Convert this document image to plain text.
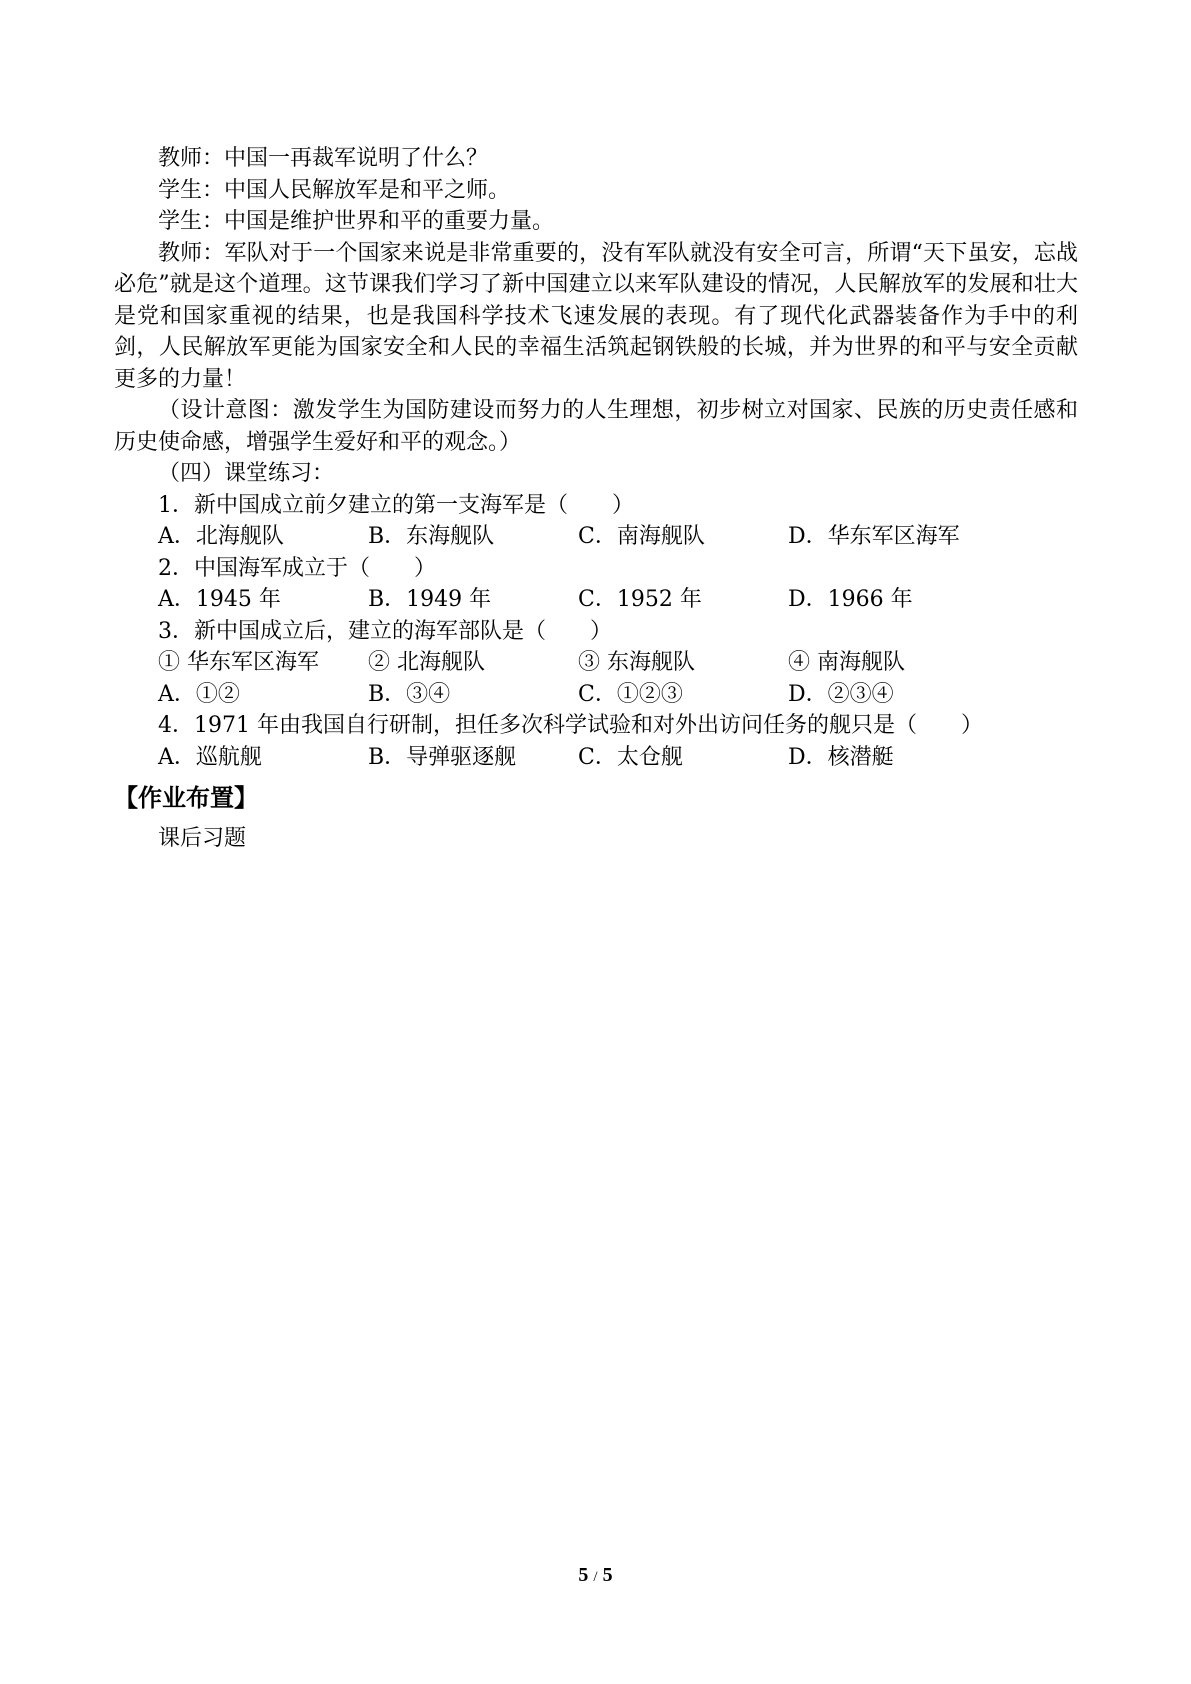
教师：中国一再裁军说明了什么？

学生：中国人民解放军是和平之师。

学生：中国是维护世界和平的重要力量。

教师：军队对于一个国家来说是非常重要的，没有军队就没有安全可言，所谓“天下虽安，忘战必危”就是这个道理。这节课我们学习了新中国建立以来军队建设的情况，人民解放军的发展和壮大是党和国家重视的结果，也是我国科学技术飞速发展的表现。有了现代化武器装备作为手中的利剑，人民解放军更能为国家安全和人民的幸福生活筑起钢铁般的长城，并为世界的和平与安全贡献更多的力量！

（设计意图：激发学生为国防建设而努力的人生理想，初步树立对国家、民族的历史责任感和历史使命感，增强学生爱好和平的观念。）

（四）课堂练习：

1．新中国成立前夕建立的第一支海军是（　　）

A．北海舰队	B．东海舰队	C．南海舰队	D．华东军区海军

2．中国海军成立于（　　）

A．1945 年	B．1949 年	C．1952 年	D．1966 年

3．新中国成立后，建立的海军部队是（　　）

① 华东军区海军	② 北海舰队	③ 东海舰队	④ 南海舰队
A．①②	B．③④	C．①②③	D．②③④

4．1971 年由我国自行研制，担任多次科学试验和对外出访问任务的舰只是（　　）

A．巡航舰	B．导弹驱逐舰	C．太仓舰	D．核潜艇
【作业布置】

课后习题

5 / 5
